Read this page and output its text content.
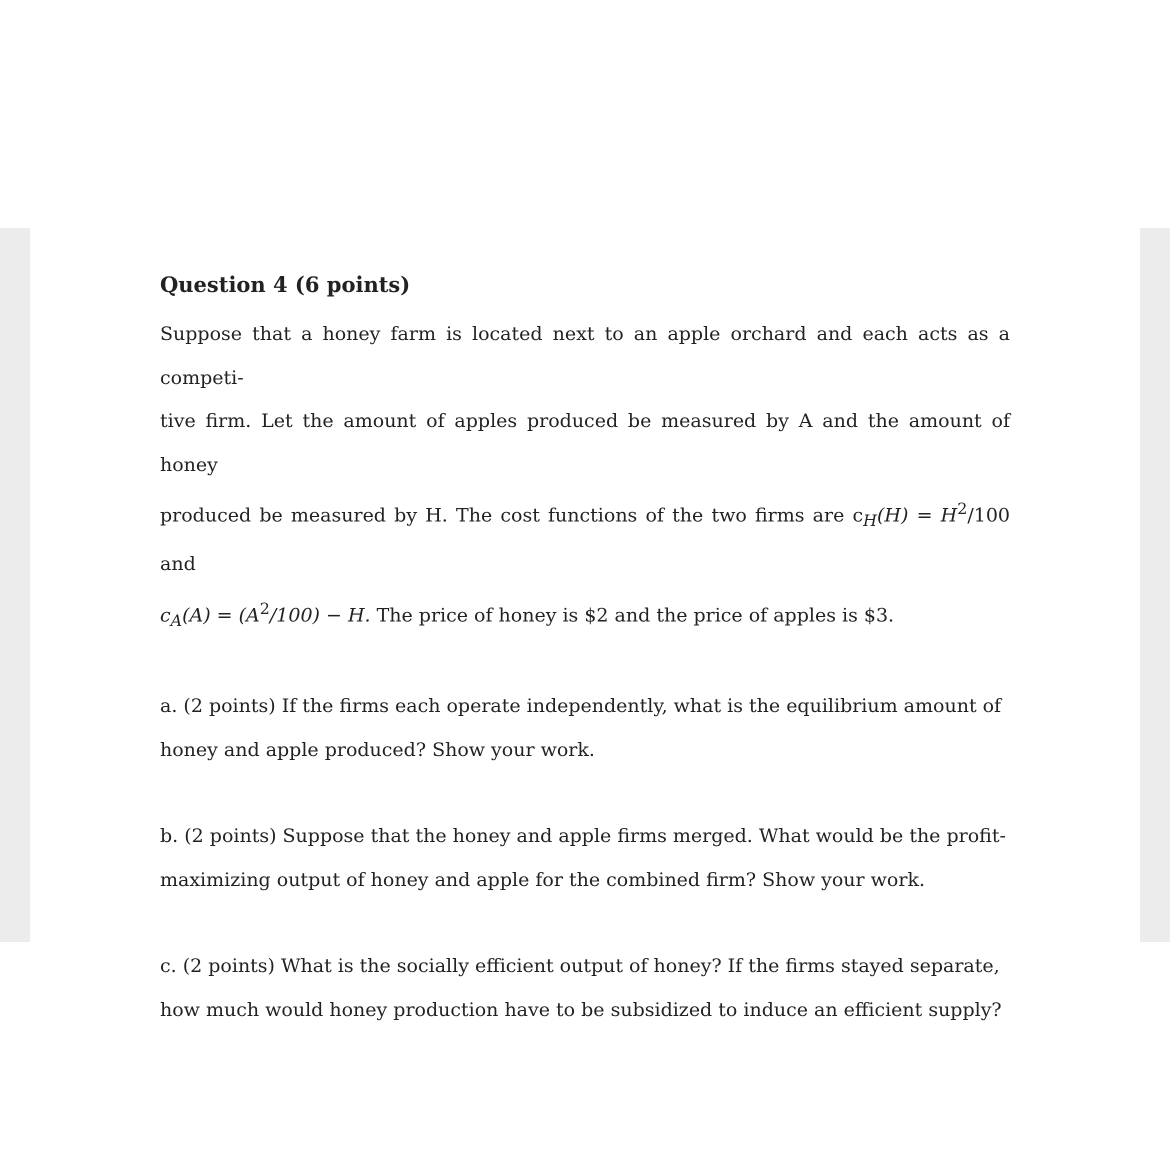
Question 4 (6 points)
Suppose that a honey farm is located next to an apple orchard and each acts as a competi-
tive firm. Let the amount of apples produced be measured by A and the amount of honey
produced be measured by H. The cost functions of the two firms are $c_H(H) = H^2/100$ and
$c_A(A) = (A^2/100) - H$. The price of honey is $2 and the price of apples is $3.
a. (2 points) If the firms each operate independently, what is the equilibrium amount of
honey and apple produced? Show your work.
b. (2 points) Suppose that the honey and apple firms merged. What would be the profit-
maximizing output of honey and apple for the combined firm? Show your work.
c. (2 points) What is the socially efficient output of honey? If the firms stayed separate,
how much would honey production have to be subsidized to induce an efficient supply?
